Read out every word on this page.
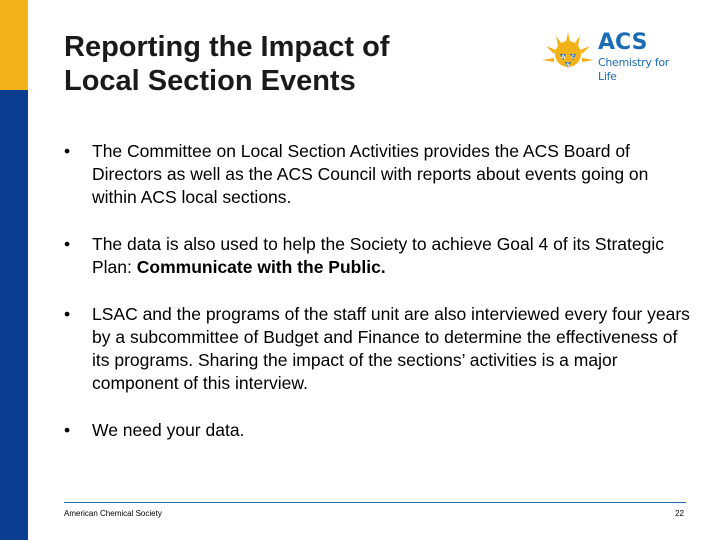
Reporting the Impact of
Local Section Events
A C
S
ACS
Chemistry for Life
• The Committee on Local Section Activities provides the ACS Board of Directors as well as the ACS Council with reports about events going on within ACS local sections.
• The data is also used to help the Society to achieve Goal 4 of its Strategic Plan: Communicate with the Public.
• LSAC and the programs of the staff unit are also interviewed every four years by a subcommittee of Budget and Finance to determine the effectiveness of its programs. Sharing the impact of the sections’ activities is a major component of this interview.
• We need your data.
American Chemical Society	22
